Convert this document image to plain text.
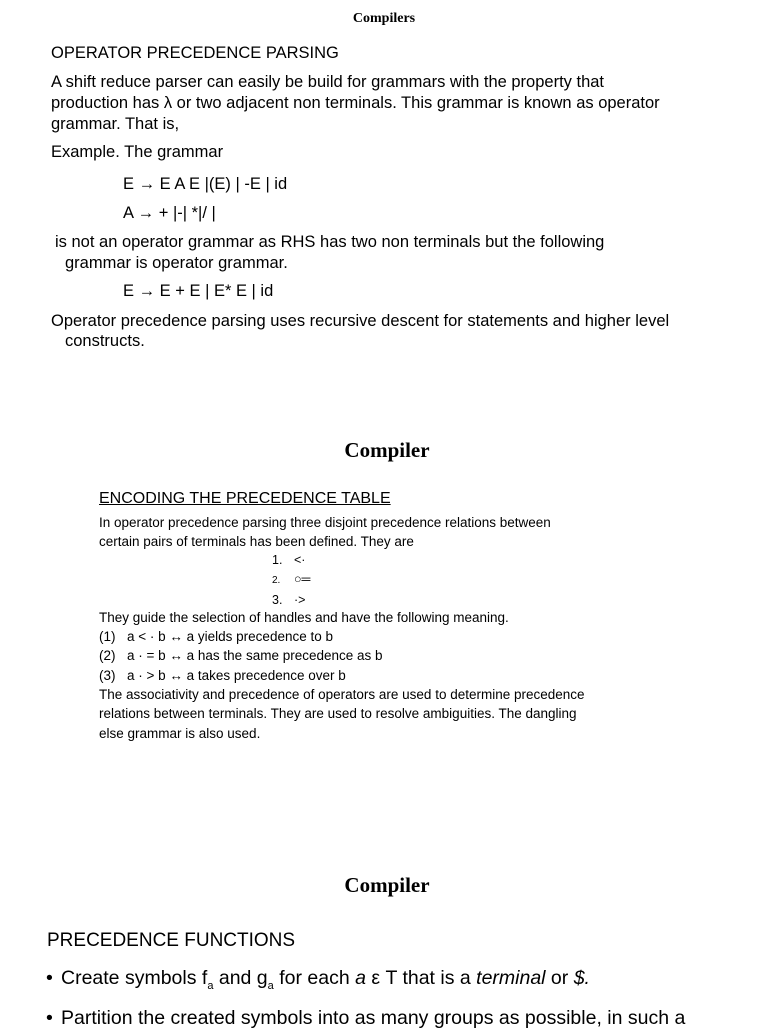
Compilers
OPERATOR PRECEDENCE PARSING
A shift reduce parser can easily be build for grammars with the property that
production has λ or two adjacent non terminals. This grammar is known as operator
grammar. That is,
Example. The grammar
E → E A E |(E) | -E | id
A → + |-| *|/ |
is not an operator grammar as RHS has two non terminals but the following
grammar is operator grammar.
E → E + E | E* E | id
Operator precedence parsing uses recursive descent for statements and higher level
constructs.
Compiler
ENCODING THE PRECEDENCE TABLE
In operator precedence parsing three disjoint precedence relations between
certain pairs of terminals has been defined. They are
1. <·
2. ○═
3. ·>
They guide the selection of handles and have the following meaning.
(1) a < · b ↔ a yields precedence to b
(2) a · = b ↔ a has the same precedence as b
(3) a · > b ↔ a takes precedence over b
The associativity and precedence of operators are used to determine precedence
relations between terminals. They are used to resolve ambiguities. The dangling
else grammar is also used.
Compiler
PRECEDENCE FUNCTIONS
• Create symbols $f_a$ and $g_a$ for each a ε T that is a terminal or $.
• Partition the created symbols into as many groups as possible, in such a
